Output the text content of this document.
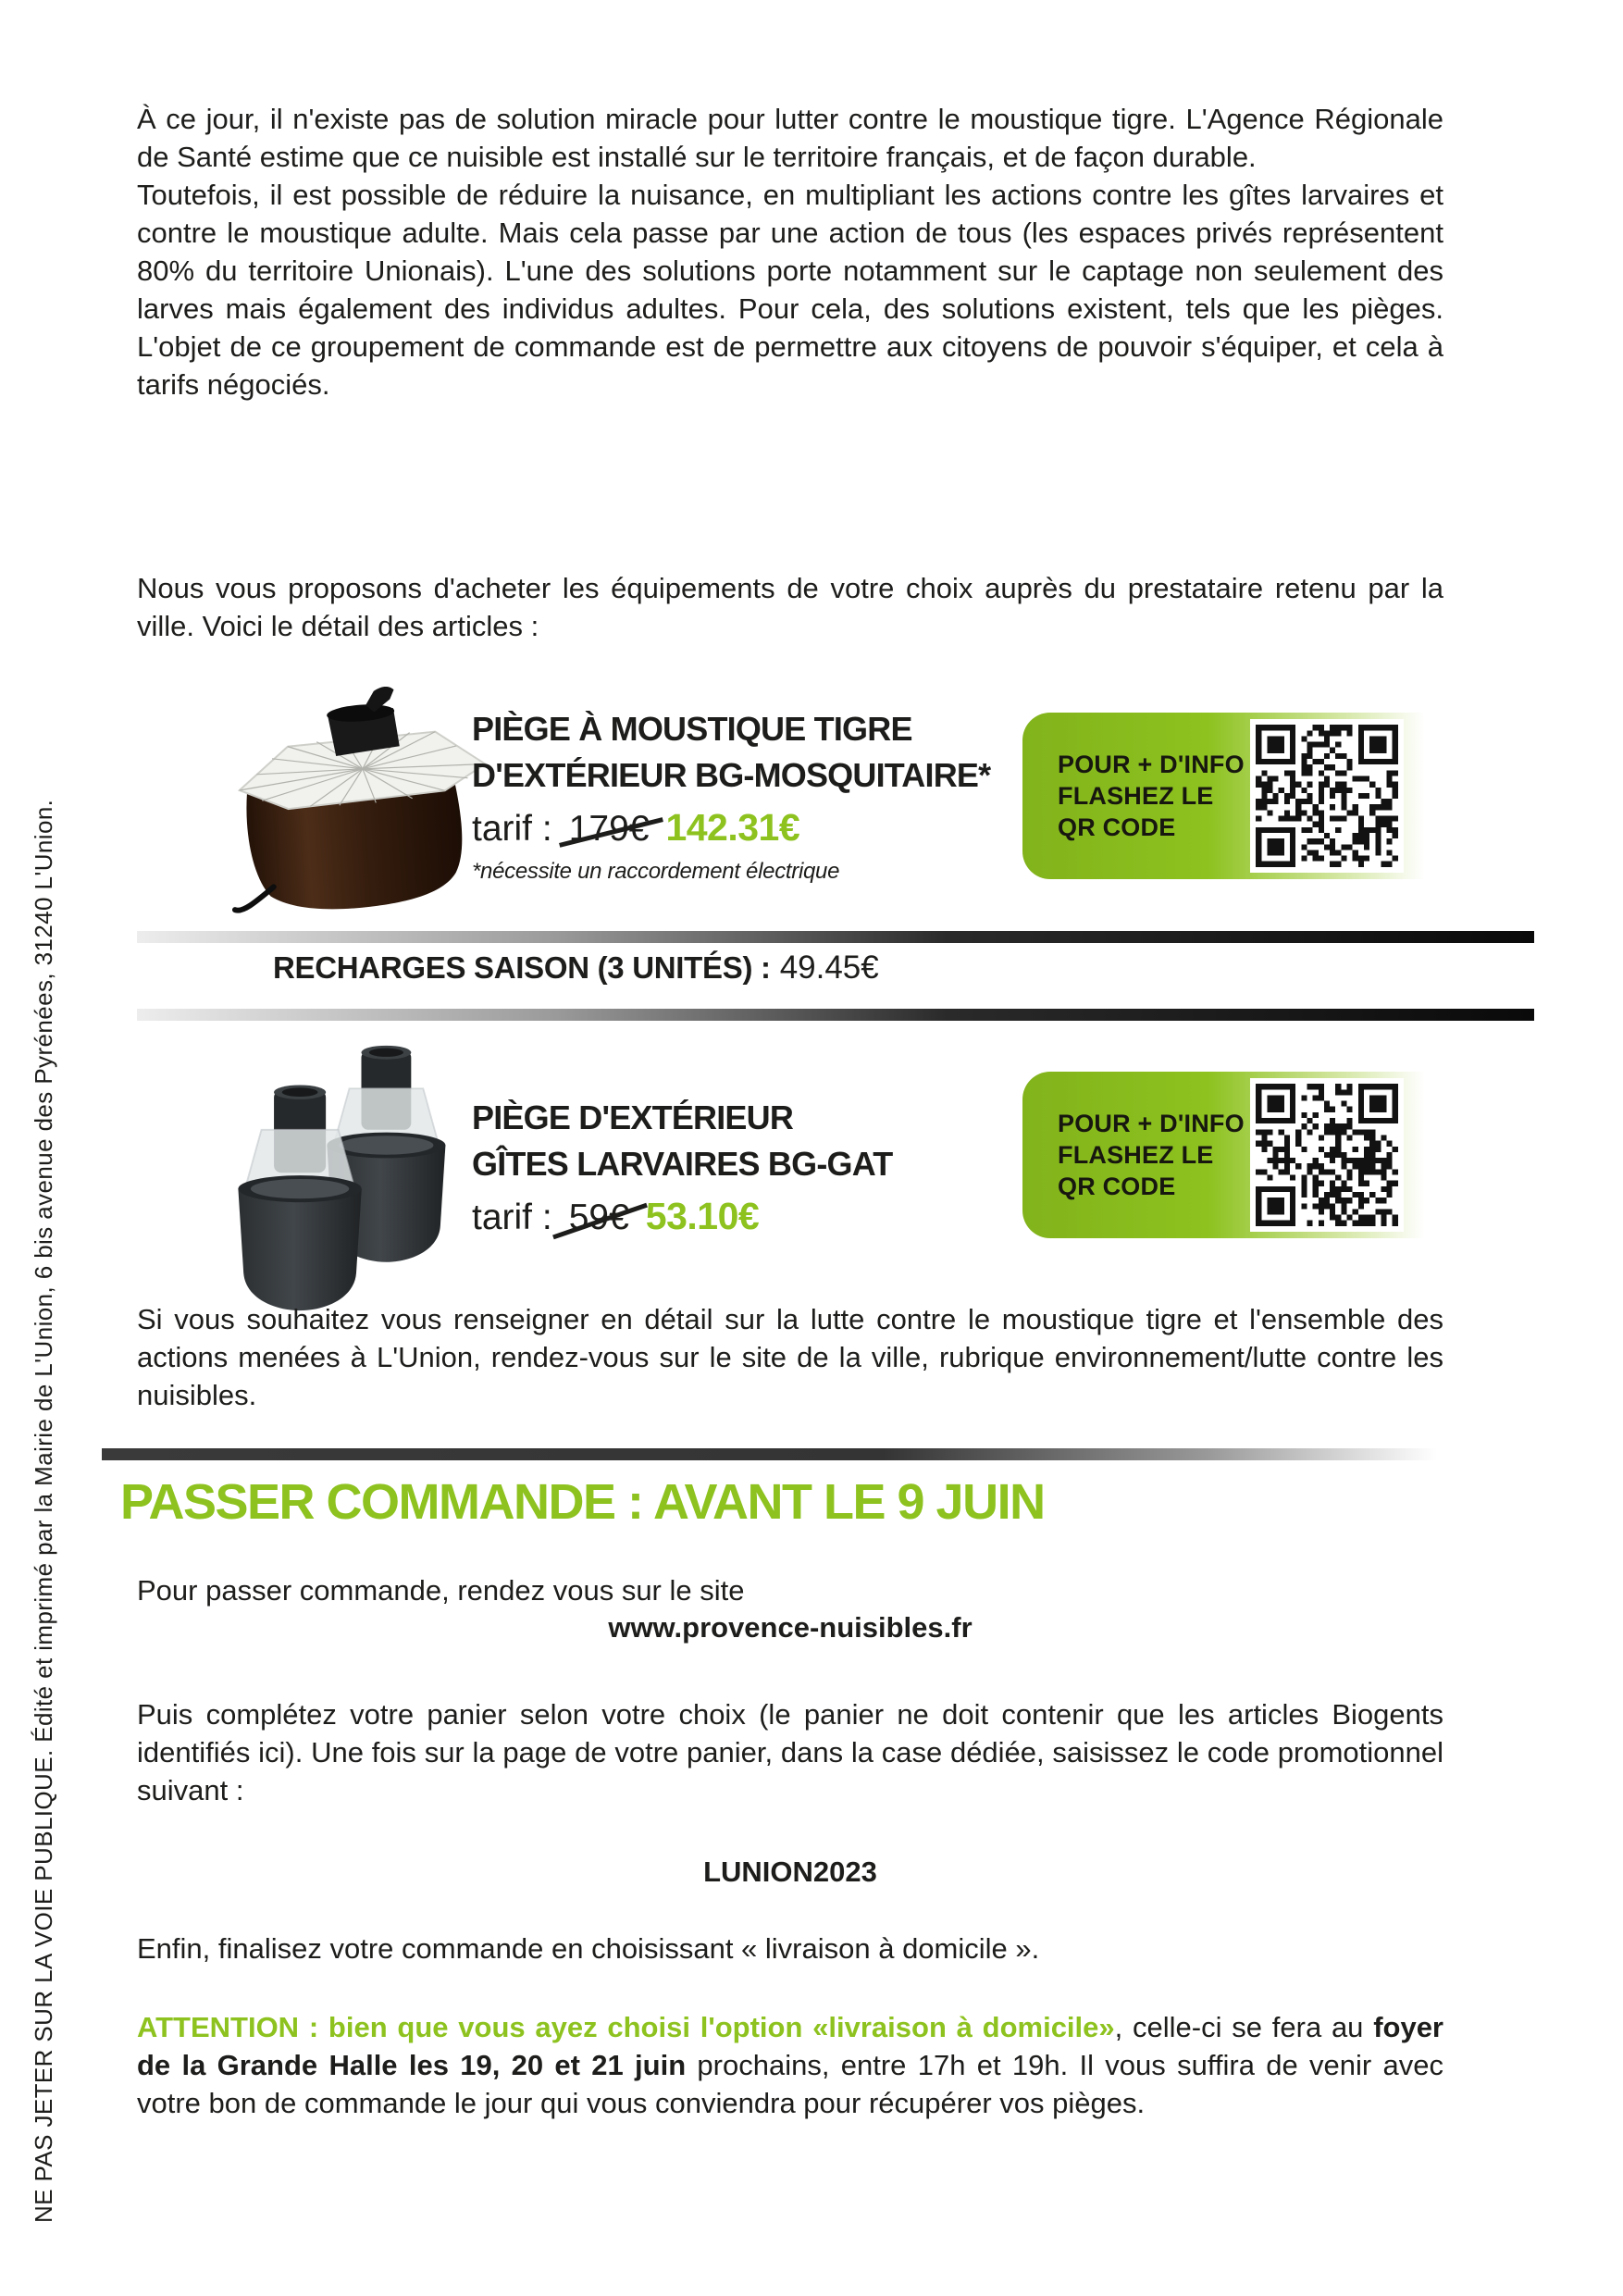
NE PAS JETER SUR LA VOIE PUBLIQUE. Édité et imprimé par la Mairie de L'Union, 6 bis avenue des Pyrénées, 31240 L'Union.

À ce jour, il n'existe pas de solution miracle pour lutter contre le moustique tigre. L'Agence Régionale de Santé estime que ce nuisible est installé sur le territoire français, et de façon durable.

Toutefois, il est possible de réduire la nuisance, en multipliant les actions contre les gîtes larvaires et contre le moustique adulte. Mais cela passe par une action de tous (les espaces privés représentent 80% du territoire Unionais). L'une des solutions porte notamment sur le captage non seulement des larves mais également des individus adultes. Pour cela, des solutions existent, tels que les pièges. L'objet de ce groupement de commande est de permettre aux citoyens de pouvoir s'équiper, et cela à tarifs négociés.

Nous vous proposons d'acheter les équipements de votre choix auprès du prestataire retenu par la ville. Voici le détail des articles :

PIÈGE À MOUSTIQUE TIGRE

D'EXTÉRIEUR BG-MOSQUITAIRE*

tarif : 179€ 142.31€
*nécessite un raccordement électrique
POUR + D'INFO
FLASHEZ LE
QR CODE
RECHARGES SAISON (3 UNITÉS) : 49.45€

PIÈGE D'EXTÉRIEUR

GÎTES LARVAIRES BG-GAT

tarif : 59€ 53.10€
POUR + D'INFO
FLASHEZ LE
QR CODE

Si vous souhaitez vous renseigner en détail sur la lutte contre le moustique tigre et l'ensemble des actions menées à L'Union, rendez-vous sur le site de la ville, rubrique environnement/lutte contre les nuisibles.

PASSER COMMANDE : AVANT LE 9 JUIN

Pour passer commande, rendez vous sur le site

www.provence-nuisibles.fr

Puis complétez votre panier selon votre choix (le panier ne doit contenir que les articles Biogents identifiés ici). Une fois sur la page de votre panier, dans la case dédiée, saisissez le code promotionnel suivant :

LUNION2023

Enfin, finalisez votre commande en choisissant « livraison à domicile ».

ATTENTION : bien que vous ayez choisi l'option «livraison à domicile», celle-ci se fera au foyer de la Grande Halle les 19, 20 et 21 juin prochains, entre 17h et 19h. Il vous suffira de venir avec votre bon de commande le jour qui vous conviendra pour récupérer vos pièges.
